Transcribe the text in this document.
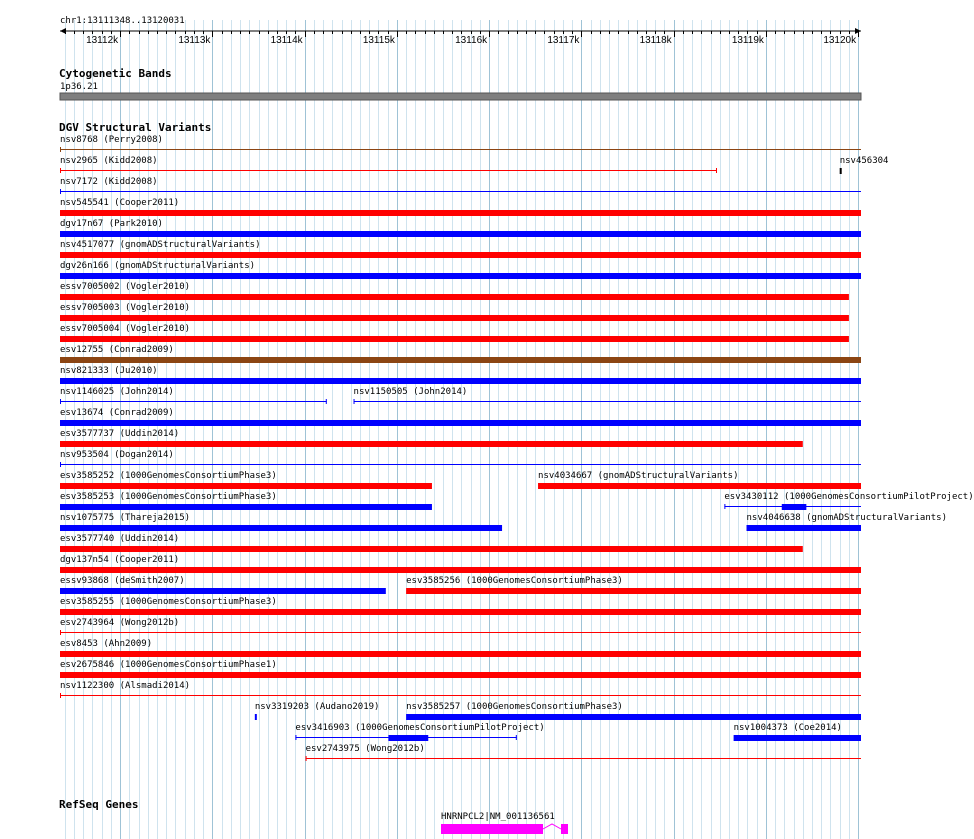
chr1:13111348..13120031
13112k	13113k	13114k	13115k	13116k	13117k	13118k	13119k	13120k
Cytogenetic Bands
1p36.21
DGV Structural Variants
nsv8768 (Perry2008)
nsv2965 (Kidd2008)	nsv456304
nsv7172 (Kidd2008)
nsv545541 (Cooper2011)
dgv17n67 (Park2010)
nsv4517077 (gnomADStructuralVariants)
dgv26n166 (gnomADStructuralVariants)
essv7005002 (Vogler2010)
essv7005003 (Vogler2010)
essv7005004 (Vogler2010)
esv12755 (Conrad2009)
nsv821333 (Ju2010)
nsv1146025 (John2014)	nsv1150505 (John2014)
esv13674 (Conrad2009)
esv3577737 (Uddin2014)
nsv953504 (Dogan2014)
esv3585252 (1000GenomesConsortiumPhase3)	nsv4034667 (gnomADStructuralVariants)
esv3585253 (1000GenomesConsortiumPhase3)	esv3430112 (1000GenomesConsortiumPilotProject)
nsv1075775 (Thareja2015)	nsv4046638 (gnomADStructuralVariants)
esv3577740 (Uddin2014)
dgv137n54 (Cooper2011)
essv93868 (deSmith2007)	esv3585256 (1000GenomesConsortiumPhase3)
esv3585255 (1000GenomesConsortiumPhase3)
esv2743964 (Wong2012b)
esv8453 (Ahn2009)
esv2675846 (1000GenomesConsortiumPhase1)
nsv1122300 (Alsmadi2014)
nsv3319203 (Audano2019)	nsv3585257 (1000GenomesConsortiumPhase3)
esv3416903 (1000GenomesConsortiumPilotProject)	nsv1004373 (Coe2014)
esv2743975 (Wong2012b)
RefSeq Genes
HNRNPCL2|NM_001136561
